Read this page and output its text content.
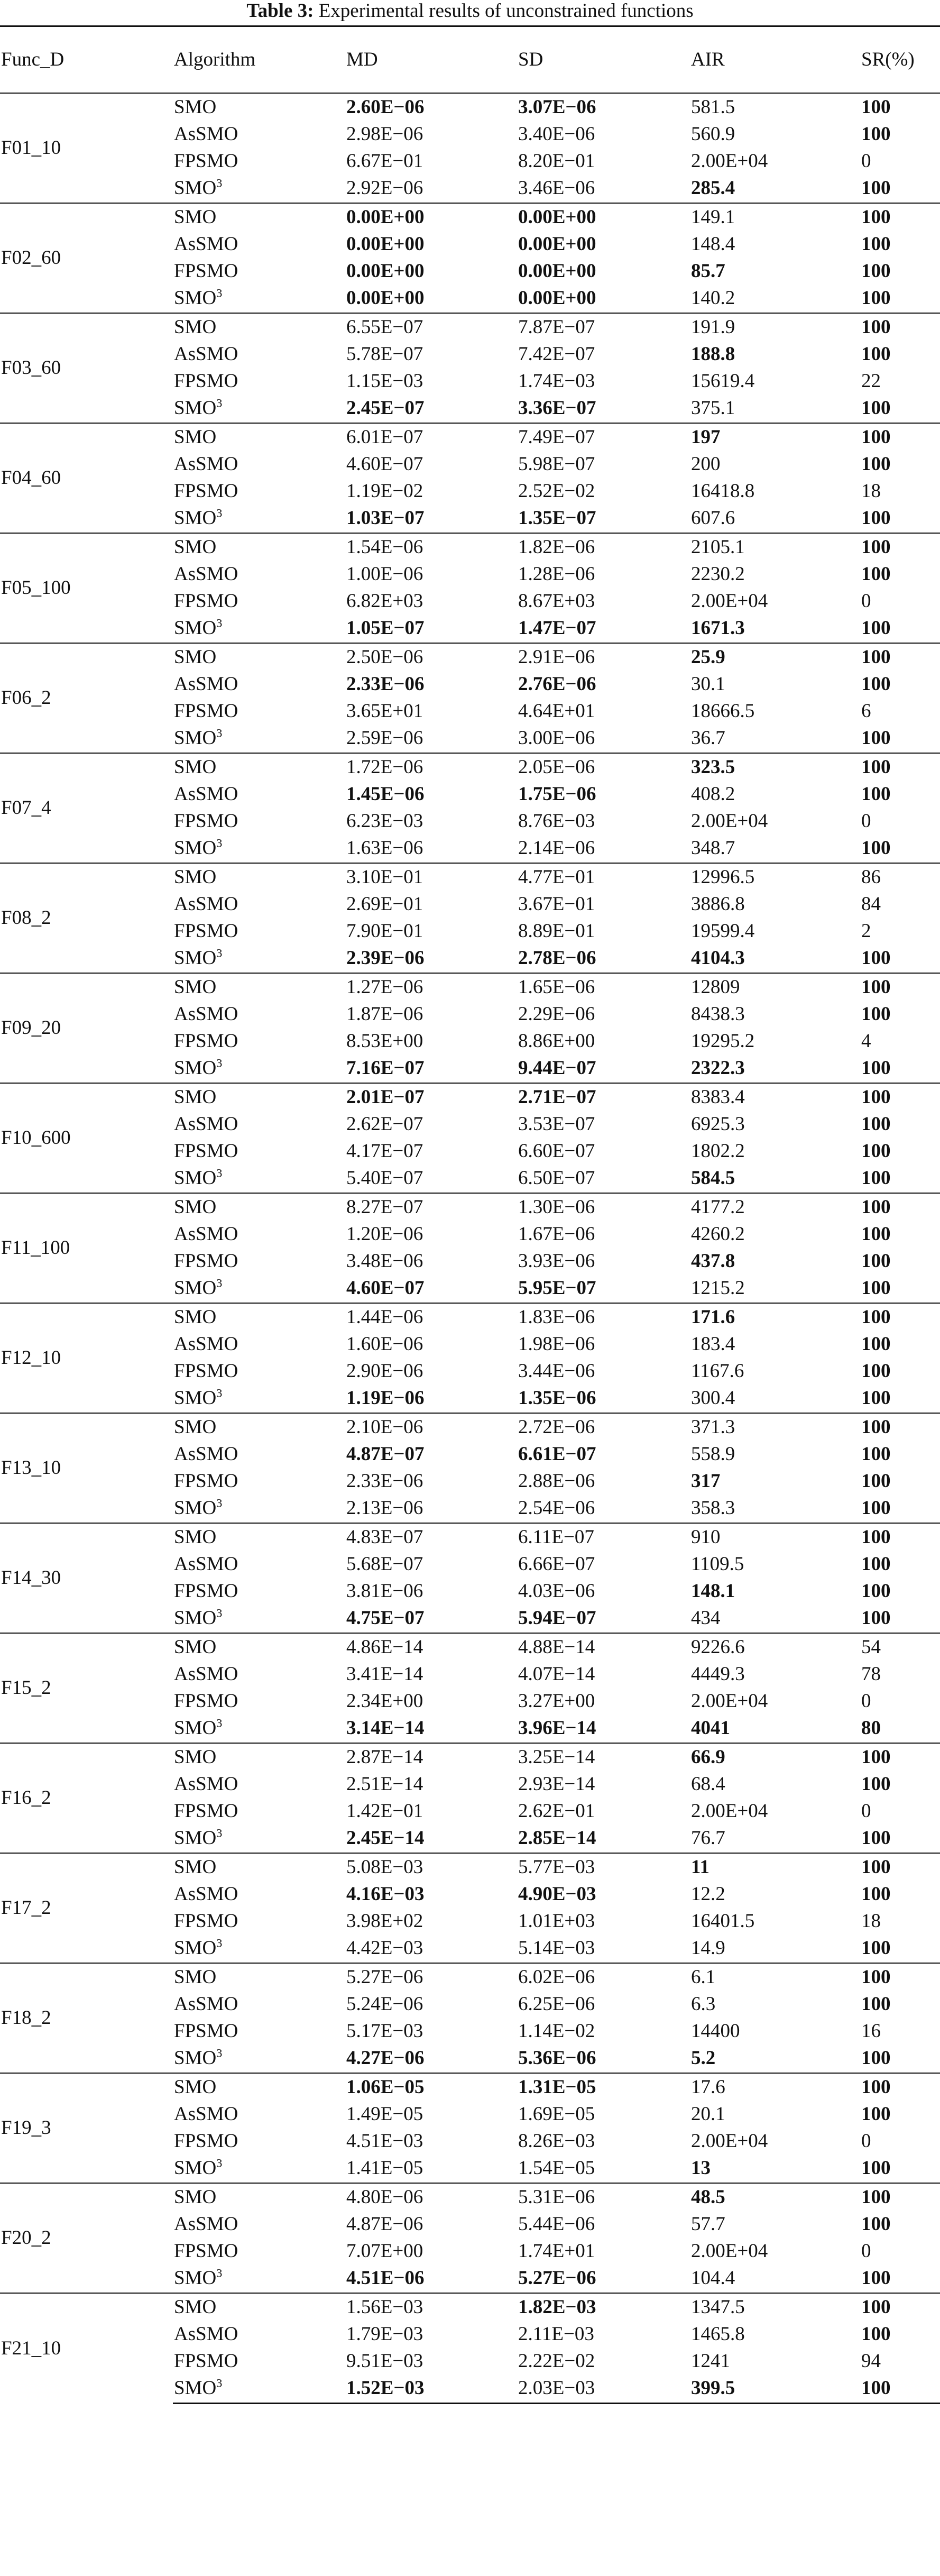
Table 3: Experimental results of unconstrained functions
Func_D	Algorithm	MD	SD	AIR	SR(%)
F01_10	SMO	2.60E−06	3.07E−06	581.5	100
	AsSMO	2.98E−06	3.40E−06	560.9	100
	FPSMO	6.67E−01	8.20E−01	2.00E+04	0
	SMO$^3$	2.92E−06	3.46E−06	285.4	100
F02_60	SMO	0.00E+00	0.00E+00	149.1	100
	AsSMO	0.00E+00	0.00E+00	148.4	100
	FPSMO	0.00E+00	0.00E+00	85.7	100
	SMO$^3$	0.00E+00	0.00E+00	140.2	100
F03_60	SMO	6.55E−07	7.87E−07	191.9	100
	AsSMO	5.78E−07	7.42E−07	188.8	100
	FPSMO	1.15E−03	1.74E−03	15619.4	22
	SMO$^3$	2.45E−07	3.36E−07	375.1	100
F04_60	SMO	6.01E−07	7.49E−07	197	100
	AsSMO	4.60E−07	5.98E−07	200	100
	FPSMO	1.19E−02	2.52E−02	16418.8	18
	SMO$^3$	1.03E−07	1.35E−07	607.6	100
F05_100	SMO	1.54E−06	1.82E−06	2105.1	100
	AsSMO	1.00E−06	1.28E−06	2230.2	100
	FPSMO	6.82E+03	8.67E+03	2.00E+04	0
	SMO$^3$	1.05E−07	1.47E−07	1671.3	100
F06_2	SMO	2.50E−06	2.91E−06	25.9	100
	AsSMO	2.33E−06	2.76E−06	30.1	100
	FPSMO	3.65E+01	4.64E+01	18666.5	6
	SMO$^3$	2.59E−06	3.00E−06	36.7	100
F07_4	SMO	1.72E−06	2.05E−06	323.5	100
	AsSMO	1.45E−06	1.75E−06	408.2	100
	FPSMO	6.23E−03	8.76E−03	2.00E+04	0
	SMO$^3$	1.63E−06	2.14E−06	348.7	100
F08_2	SMO	3.10E−01	4.77E−01	12996.5	86
	AsSMO	2.69E−01	3.67E−01	3886.8	84
	FPSMO	7.90E−01	8.89E−01	19599.4	2
	SMO$^3$	2.39E−06	2.78E−06	4104.3	100
F09_20	SMO	1.27E−06	1.65E−06	12809	100
	AsSMO	1.87E−06	2.29E−06	8438.3	100
	FPSMO	8.53E+00	8.86E+00	19295.2	4
	SMO$^3$	7.16E−07	9.44E−07	2322.3	100
F10_600	SMO	2.01E−07	2.71E−07	8383.4	100
	AsSMO	2.62E−07	3.53E−07	6925.3	100
	FPSMO	4.17E−07	6.60E−07	1802.2	100
	SMO$^3$	5.40E−07	6.50E−07	584.5	100
F11_100	SMO	8.27E−07	1.30E−06	4177.2	100
	AsSMO	1.20E−06	1.67E−06	4260.2	100
	FPSMO	3.48E−06	3.93E−06	437.8	100
	SMO$^3$	4.60E−07	5.95E−07	1215.2	100
F12_10	SMO	1.44E−06	1.83E−06	171.6	100
	AsSMO	1.60E−06	1.98E−06	183.4	100
	FPSMO	2.90E−06	3.44E−06	1167.6	100
	SMO$^3$	1.19E−06	1.35E−06	300.4	100
F13_10	SMO	2.10E−06	2.72E−06	371.3	100
	AsSMO	4.87E−07	6.61E−07	558.9	100
	FPSMO	2.33E−06	2.88E−06	317	100
	SMO$^3$	2.13E−06	2.54E−06	358.3	100
F14_30	SMO	4.83E−07	6.11E−07	910	100
	AsSMO	5.68E−07	6.66E−07	1109.5	100
	FPSMO	3.81E−06	4.03E−06	148.1	100
	SMO$^3$	4.75E−07	5.94E−07	434	100
F15_2	SMO	4.86E−14	4.88E−14	9226.6	54
	AsSMO	3.41E−14	4.07E−14	4449.3	78
	FPSMO	2.34E+00	3.27E+00	2.00E+04	0
	SMO$^3$	3.14E−14	3.96E−14	4041	80
F16_2	SMO	2.87E−14	3.25E−14	66.9	100
	AsSMO	2.51E−14	2.93E−14	68.4	100
	FPSMO	1.42E−01	2.62E−01	2.00E+04	0
	SMO$^3$	2.45E−14	2.85E−14	76.7	100
F17_2	SMO	5.08E−03	5.77E−03	11	100
	AsSMO	4.16E−03	4.90E−03	12.2	100
	FPSMO	3.98E+02	1.01E+03	16401.5	18
	SMO$^3$	4.42E−03	5.14E−03	14.9	100
F18_2	SMO	5.27E−06	6.02E−06	6.1	100
	AsSMO	5.24E−06	6.25E−06	6.3	100
	FPSMO	5.17E−03	1.14E−02	14400	16
	SMO$^3$	4.27E−06	5.36E−06	5.2	100
F19_3	SMO	1.06E−05	1.31E−05	17.6	100
	AsSMO	1.49E−05	1.69E−05	20.1	100
	FPSMO	4.51E−03	8.26E−03	2.00E+04	0
	SMO$^3$	1.41E−05	1.54E−05	13	100
F20_2	SMO	4.80E−06	5.31E−06	48.5	100
	AsSMO	4.87E−06	5.44E−06	57.7	100
	FPSMO	7.07E+00	1.74E+01	2.00E+04	0
	SMO$^3$	4.51E−06	5.27E−06	104.4	100
F21_10	SMO	1.56E−03	1.82E−03	1347.5	100
	AsSMO	1.79E−03	2.11E−03	1465.8	100
	FPSMO	9.51E−03	2.22E−02	1241	94
	SMO$^3$	1.52E−03	2.03E−03	399.5	100
